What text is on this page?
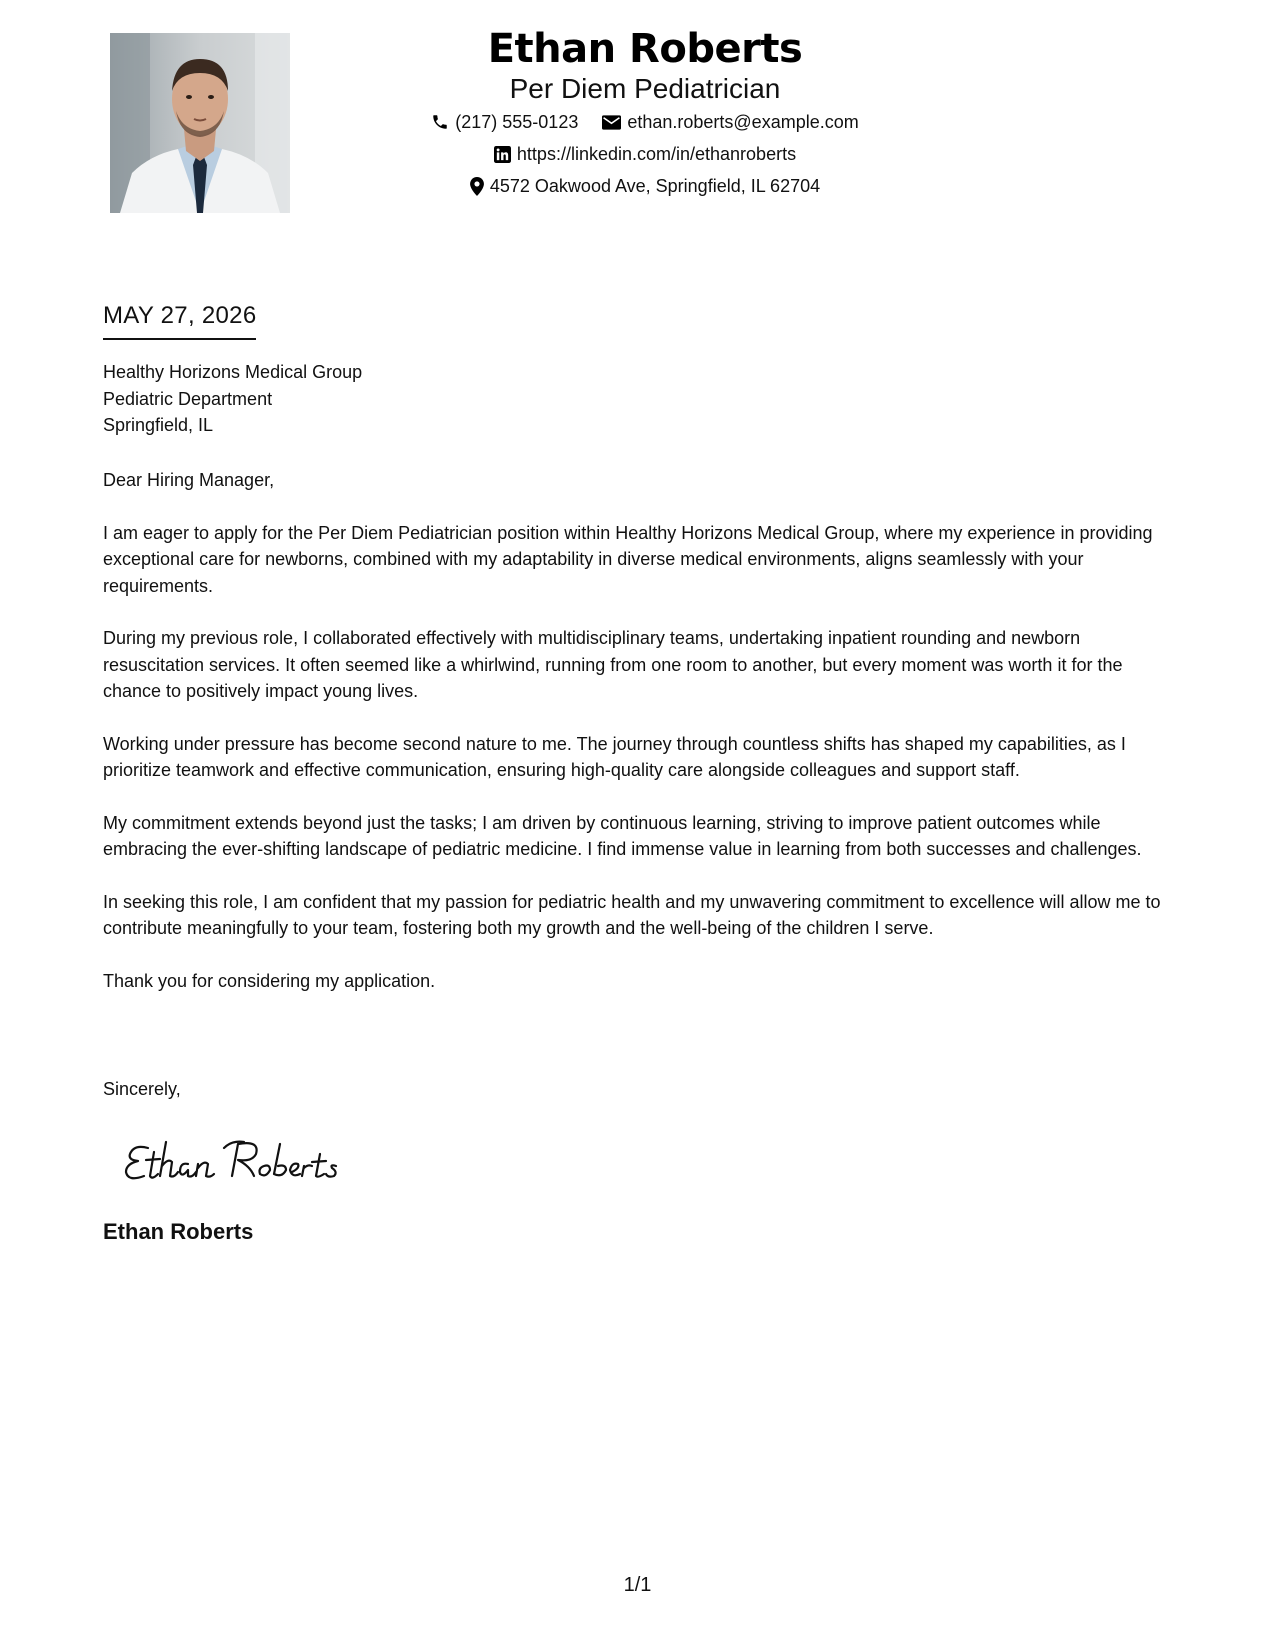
Ethan Roberts
Per Diem Pediatrician
(217) 555-0123	ethan.roberts@example.com
https://linkedin.com/in/ethanroberts
4572 Oakwood Ave, Springfield, IL 62704
MAY 27, 2026
Healthy Horizons Medical Group
Pediatric Department
Springfield, IL

Dear Hiring Manager,

I am eager to apply for the Per Diem Pediatrician position within Healthy Horizons Medical Group, where my experience in providing exceptional care for newborns, combined with my adaptability in diverse medical environments, aligns seamlessly with your requirements.

During my previous role, I collaborated effectively with multidisciplinary teams, undertaking inpatient rounding and newborn resuscitation services. It often seemed like a whirlwind, running from one room to another, but every moment was worth it for the chance to positively impact young lives.

Working under pressure has become second nature to me. The journey through countless shifts has shaped my capabilities, as I prioritize teamwork and effective communication, ensuring high-quality care alongside colleagues and support staff.

My commitment extends beyond just the tasks; I am driven by continuous learning, striving to improve patient outcomes while embracing the ever-shifting landscape of pediatric medicine. I find immense value in learning from both successes and challenges.

In seeking this role, I am confident that my passion for pediatric health and my unwavering commitment to excellence will allow me to contribute meaningfully to your team, fostering both my growth and the well-being of the children I serve.

Thank you for considering my application.

Sincerely,
Ethan Roberts
1/1
